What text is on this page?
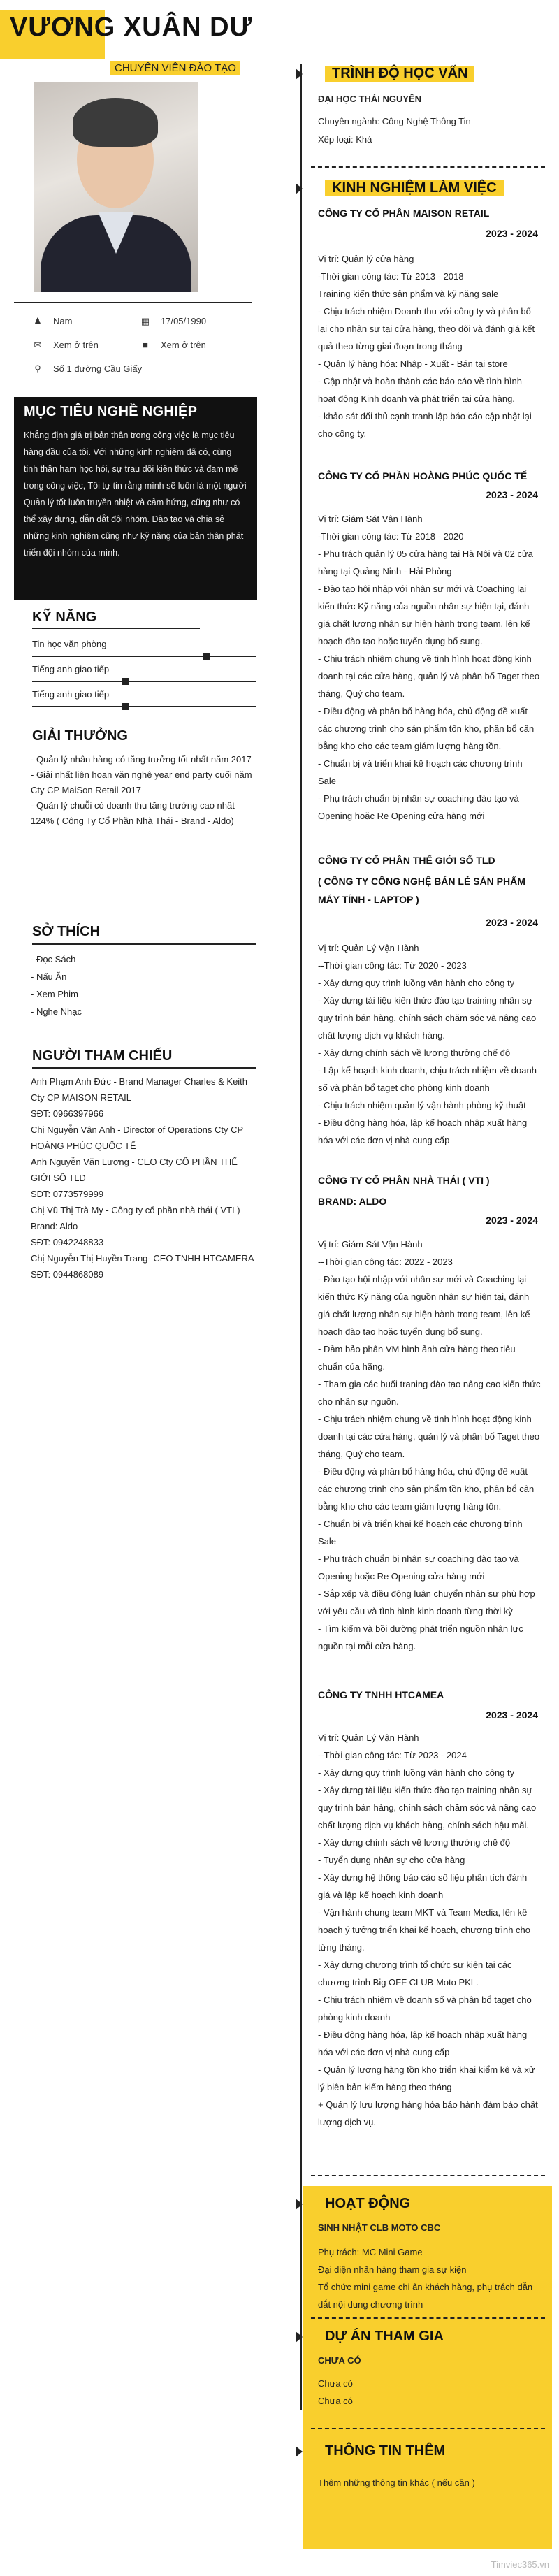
VƯƠNG XUÂN DƯ
CHUYÊN VIÊN ĐÀO TẠO
♟ Nam	▦ 17/05/1990
✉ Xem ở trên	■ Xem ở trên
⚲ Số 1 đường Cầu Giấy
MỤC TIÊU NGHỀ NGHIỆP

Khẳng định giá trị bản thân trong công việc là mục tiêu hàng đầu của tôi. Với những kinh nghiệm đã có, cùng tinh thần ham học hỏi, sự trau dồi kiến thức và đam mê trong công việc, Tôi tự tin rằng mình sẽ luôn là một người Quản lý tốt luôn truyền nhiệt và cảm hứng, cũng như có thể xây dựng, dẫn dắt đội nhóm. Đào tạo và chia sẻ những kinh nghiệm cũng như kỹ năng của bản thân phát triển đội nhóm của mình.

KỸ NĂNG
Tin học văn phòng
Tiếng anh giao tiếp
Tiếng anh giao tiếp
GIẢI THƯỞNG
- Quản lý nhân hàng có tăng trưởng tốt nhất năm 2017
- Giải nhất liên hoan văn nghệ year end party cuối năm Cty CP MaiSon Retail 2017
- Quản lý chuỗi có doanh thu tăng trưởng cao nhất 124% ( Công Ty Cổ Phần Nhà Thái - Brand - Aldo)
SỞ THÍCH
- Đọc Sách
- Nấu Ăn
- Xem Phim
- Nghe Nhạc
NGƯỜI THAM CHIẾU
Anh Phạm Anh Đức - Brand Manager Charles & Keith Cty CP MAISON RETAIL
SĐT: 0966397966
Chị Nguyễn Vân Anh - Director of Operations Cty CP HOÀNG PHÚC QUỐC TẾ
Anh Nguyễn Văn Lượng - CEO Cty CỔ PHẦN THẾ GIỚI SỐ TLD
SĐT: 0773579999
Chị Vũ Thị Trà My - Công ty cổ phần nhà thái ( VTI )
Brand: Aldo
SĐT: 0942248833
Chị Nguyễn Thị Huyền Trang- CEO TNHH HTCAMERA
SĐT: 0944868089
TRÌNH ĐỘ HỌC VẤN
ĐẠI HỌC THÁI NGUYÊN
Chuyên ngành: Công Nghệ Thông Tin
Xếp loại: Khá
KINH NGHIỆM LÀM VIỆC
CÔNG TY CỔ PHẦN MAISON RETAIL
2023 - 2024
Vị trí: Quản lý cửa hàng
-Thời gian công tác: Từ 2013 - 2018
Training kiến thức sản phẩm và kỹ năng sale
- Chịu trách nhiệm Doanh thu với công ty và phân bổ lại cho nhân sự tại cửa hàng, theo dõi và đánh giá kết quả theo từng giai đoạn trong tháng
- Quản lý hàng hóa: Nhập - Xuất - Bán tại store
- Cập nhật và hoàn thành các báo cáo về tình hình hoạt động Kinh doanh và phát triển tại cửa hàng.
- khảo sát đối thủ cạnh tranh lập báo cáo cập nhật lại cho công ty.
CÔNG TY CỔ PHẦN HOÀNG PHÚC QUỐC TẾ
2023 - 2024
Vị trí: Giám Sát Vận Hành
-Thời gian công tác: Từ 2018 - 2020
- Phụ trách quản lý 05 cửa hàng tại Hà Nội và 02 cửa hàng tại Quảng Ninh - Hải Phòng
- Đào tạo hội nhập với nhân sự mới và Coaching lại kiến thức Kỹ năng của nguồn nhân sự hiện tại, đánh giá chất lượng nhân sự hiện hành trong team, lên kế hoạch đào tạo hoặc tuyển dụng bổ sung.
- Chịu trách nhiệm chung về tình hình hoạt động kinh doanh tại các cửa hàng, quản lý và phân bổ Taget theo tháng, Quý cho team.
- Điều động và phân bổ hàng hóa, chủ động đề xuất các chương trình cho sản phẩm tồn kho, phân bổ cân bằng kho cho các team giám lượng hàng tồn.
- Chuẩn bị và triển khai kế hoạch các chương trình Sale
- Phụ trách chuẩn bị nhân sự coaching đào tạo và Opening hoặc Re Opening cửa hàng mới
CÔNG TY CỔ PHẦN THẾ GIỚI SỐ TLD
( CÔNG TY CÔNG NGHỆ BÁN LẺ SẢN PHẨM MÁY TÍNH - LAPTOP )
2023 - 2024
Vị trí: Quản Lý Vận Hành
--Thời gian công tác: Từ 2020 - 2023
- Xây dựng quy trình luồng vận hành cho công ty
- Xây dựng tài liệu kiến thức đào tạo training nhân sự quy trình bán hàng, chính sách chăm sóc và nâng cao chất lượng dịch vụ khách hàng.
- Xây dựng chính sách về lương thưởng chế độ
- Lập kế hoạch kinh doanh, chịu trách nhiệm về doanh số và phân bổ taget cho phòng kinh doanh
- Chịu trách nhiệm quản lý vận hành phòng kỹ thuật
- Điều động hàng hóa, lập kế hoạch nhập xuất hàng hóa với các đơn vị nhà cung cấp
CÔNG TY CỔ PHẦN NHÀ THÁI ( VTI )
BRAND: ALDO
2023 - 2024
Vị trí: Giám Sát Vận Hành
--Thời gian công tác: 2022 - 2023
- Đào tạo hội nhập với nhân sự mới và Coaching lại kiến thức Kỹ năng của nguồn nhân sự hiện tại, đánh giá chất lượng nhân sự hiện hành trong team, lên kế hoạch đào tạo hoặc tuyển dụng bổ sung.
- Đảm bảo phân VM hình ảnh cửa hàng theo tiêu chuẩn của hãng.
- Tham gia các buổi traning đào tạo nâng cao kiến thức cho nhân sự nguồn.
- Chịu trách nhiệm chung về tình hình hoạt động kinh doanh tại các cửa hàng, quản lý và phân bổ Taget theo tháng, Quý cho team.
- Điều động và phân bổ hàng hóa, chủ động đề xuất các chương trình cho sản phẩm tồn kho, phân bổ cân bằng kho cho các team giám lượng hàng tồn.
- Chuẩn bị và triển khai kế hoạch các chương trình Sale
- Phụ trách chuẩn bị nhân sự coaching đào tạo và Opening hoặc Re Opening cửa hàng mới
- Sắp xếp và điều động luân chuyển nhân sự phù hợp với yêu cầu và tình hình kinh doanh từng thời kỳ
- Tìm kiếm và bồi dưỡng phát triển nguồn nhân lực nguồn tại mỗi cửa hàng.
CÔNG TY TNHH HTCAMEA
2023 - 2024
Vị trí: Quản Lý Vận Hành
--Thời gian công tác: Từ 2023 - 2024
- Xây dựng quy trình luồng vận hành cho công ty
- Xây dựng tài liệu kiến thức đào tạo training nhân sự quy trình bán hàng, chính sách chăm sóc và nâng cao chất lượng dịch vụ khách hàng, chính sách hậu mãi.
- Xây dựng chính sách về lương thưởng chế độ
- Tuyển dụng nhân sự cho cửa hàng
- Xây dựng hệ thống báo cáo số liệu phân tích đánh giá và lập kế hoạch kinh doanh
- Vận hành chung team MKT và Team Media, lên kế hoạch ý tưởng triển khai kế hoạch, chương trình cho từng tháng.
- Xây dựng chương trình tổ chức sự kiện tại các chương trình Big OFF CLUB Moto PKL.
- Chịu trách nhiệm về doanh số và phân bổ taget cho phòng kinh doanh
- Điều động hàng hóa, lập kế hoạch nhập xuất hàng hóa với các đơn vị nhà cung cấp
- Quản lý lượng hàng tồn kho triển khai kiểm kê và xử lý biên bản kiểm hàng theo tháng
+ Quản lý lưu lượng hàng hóa bảo hành đảm bảo chất lượng dịch vụ.
HOẠT ĐỘNG
SINH NHẬT CLB MOTO CBC
Phụ trách: MC Mini Game
Đại diện nhãn hàng tham gia sự kiện
Tổ chức mini game chi ân khách hàng, phụ trách dẫn dắt nội dung chương trình
DỰ ÁN THAM GIA
CHƯA CÓ
Chưa có
Chưa có
THÔNG TIN THÊM
Thêm những thông tin khác ( nếu cần )
Timviec365.vn
